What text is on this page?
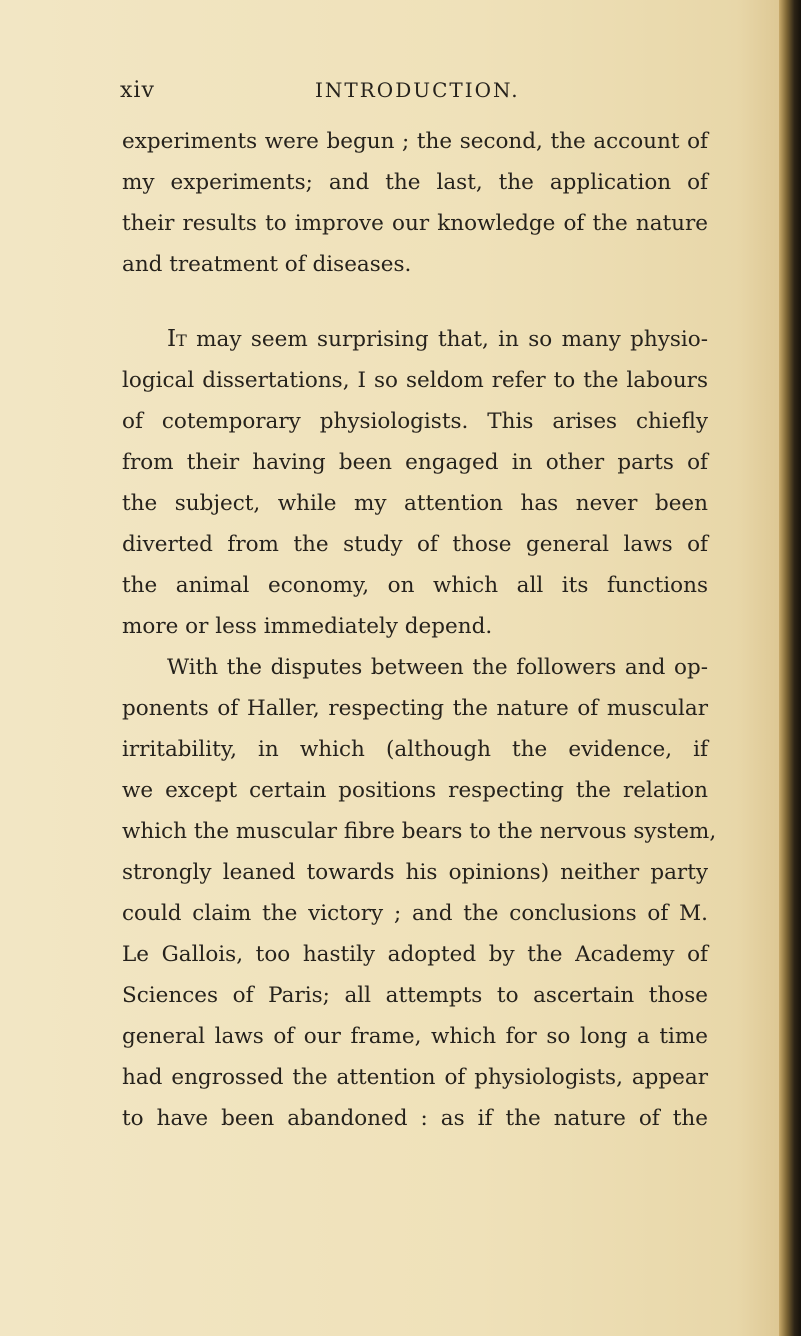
xiv	INTRODUCTION.
experiments were begun ; the second, the account of
my experiments; and the last, the application of
their results to improve our knowledge of the nature
and treatment of diseases.
It may seem surprising that, in so many physio-
logical dissertations, I so seldom refer to the labours
of cotemporary physiologists. This arises chiefly
from their having been engaged in other parts of
the subject, while my attention has never been
diverted from the study of those general laws of
the animal economy, on which all its functions
more or less immediately depend.
With the disputes between the followers and op-
ponents of Haller, respecting the nature of muscular
irritability, in which (although the evidence, if
we except certain positions respecting the relation
which the muscular fibre bears to the nervous system,
strongly leaned towards his opinions) neither party
could claim the victory ; and the conclusions of M.
Le Gallois, too hastily adopted by the Academy of
Sciences of Paris; all attempts to ascertain those
general laws of our frame, which for so long a time
had engrossed the attention of physiologists, appear
to have been abandoned : as if the nature of the
